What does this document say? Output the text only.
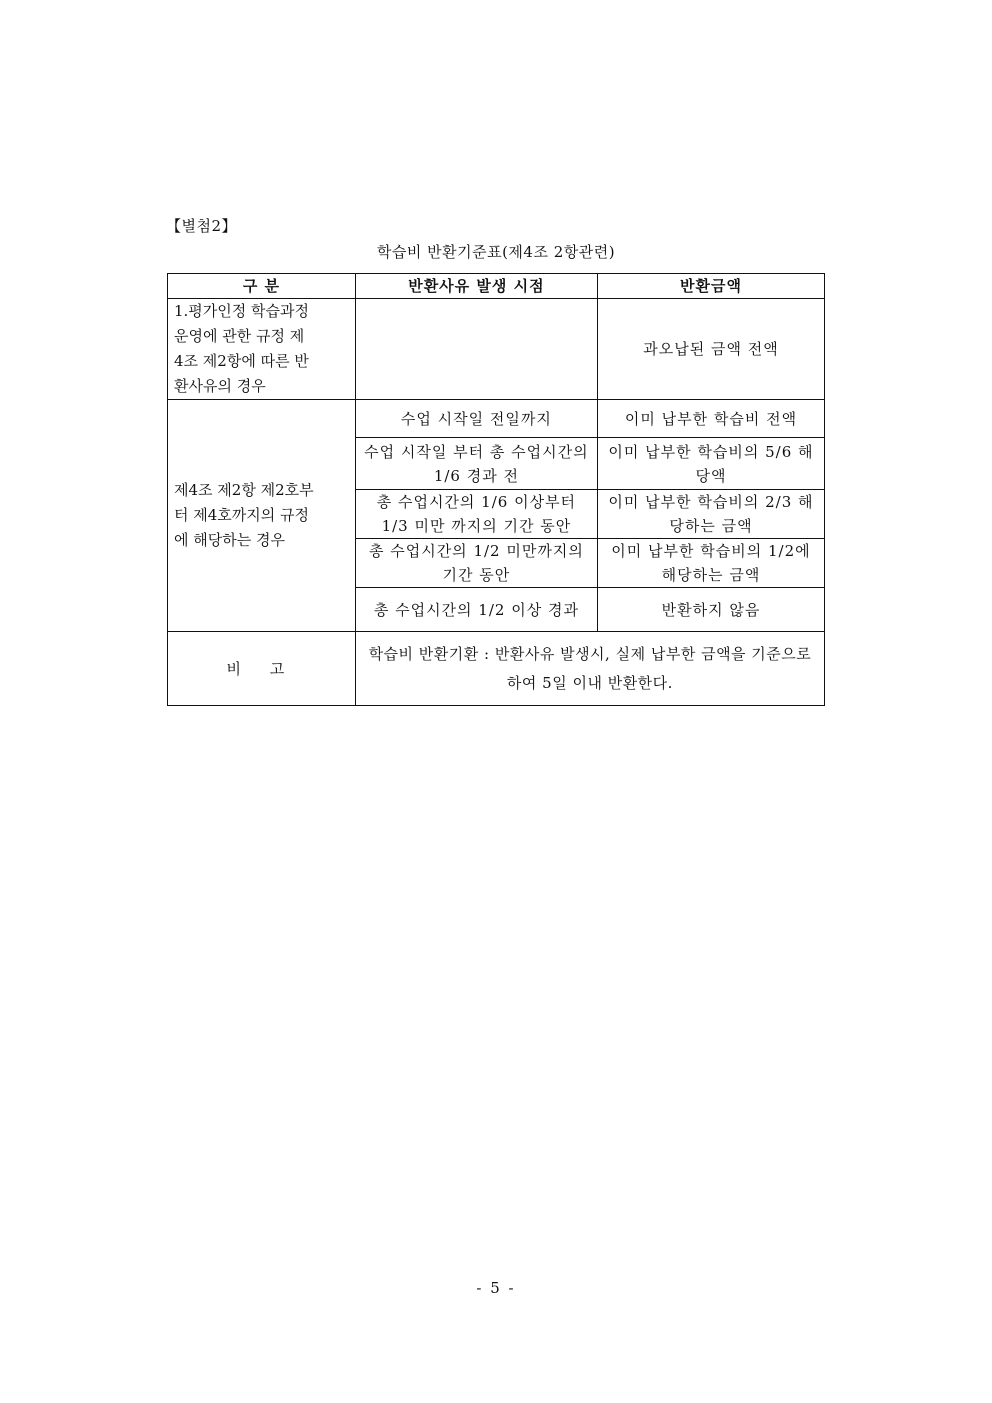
【별첨2】
학습비 반환기준표(제4조 2항관련)
구 분	반환사유 발생 시점	반환금액

1.평가인정 학습과정
운영에 관한 규정 제
4조 제2항에 따른 반
환사유의 경우		과오납된 금액 전액

제4조 제2항 제2호부
터 제4호까지의 규정
에 해당하는 경우	수업 시작일 전일까지	이미 납부한 학습비 전액
	수업 시작일 부터 총 수업시간의 1/6 경과 전	이미 납부한 학습비의 5/6 해당액
	총 수업시간의 1/6 이상부터 1/3 미만 까지의 기간 동안	이미 납부한 학습비의 2/3 해당하는 금액
	총 수업시간의 1/2 미만까지의 기간 동안	이미 납부한 학습비의 1/2에 해당하는 금액
	총 수업시간의 1/2 이상 경과	반환하지 않음
비 고	학습비 반환기환 : 반환사유 발생시, 실제 납부한 금액을 기준으로 하여 5일 이내 반환한다.	
- 5 -
